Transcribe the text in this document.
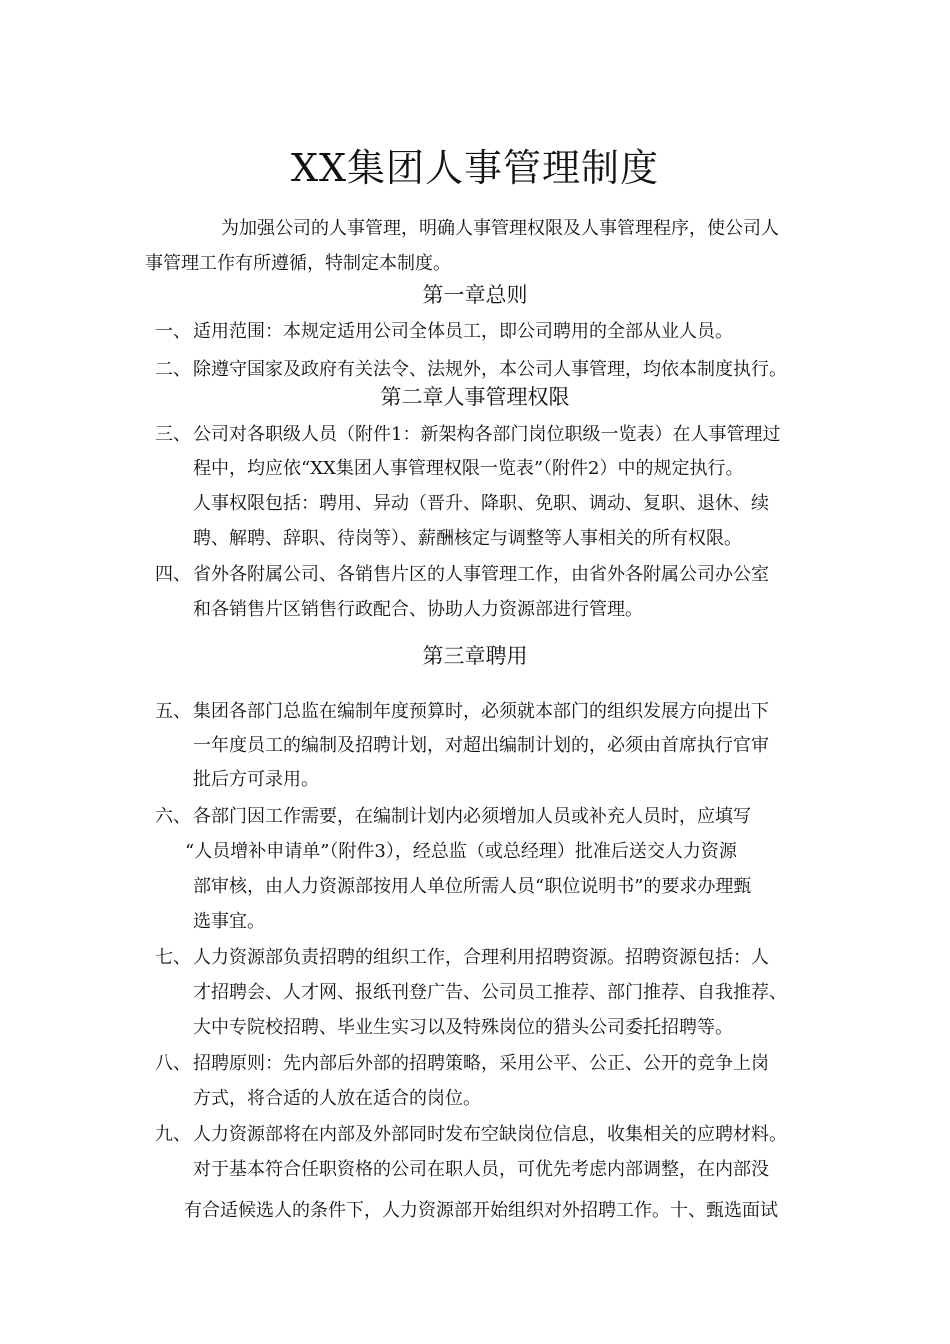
XX集团人事管理制度
为加强公司的人事管理，明确人事管理权限及人事管理程序，使公司人
事管理工作有所遵循，特制定本制度。
第一章总则
一、 适用范围：本规定适用公司全体员工，即公司聘用的全部从业人员。
二、 除遵守国家及政府有关法令、法规外，本公司人事管理，均依本制度执行。
第二章人事管理权限
三、 公司对各职级人员（附件1：新架构各部门岗位职级一览表）在人事管理过
程中，均应依“XX集团人事管理权限一览表”（附件2）中的规定执行。
人事权限包括：聘用、异动（晋升、降职、免职、调动、复职、退休、续
聘、解聘、辞职、待岗等）、薪酬核定与调整等人事相关的所有权限。
四、 省外各附属公司、各销售片区的人事管理工作，由省外各附属公司办公室
和各销售片区销售行政配合、协助人力资源部进行管理。
第三章聘用
五、 集团各部门总监在编制年度预算时，必须就本部门的组织发展方向提出下
一年度员工的编制及招聘计划，对超出编制计划的，必须由首席执行官审
批后方可录用。
六、 各部门因工作需要，在编制计划内必须增加人员或补充人员时，应填写
“人员增补申请单”（附件3），经总监（或总经理）批准后送交人力资源
部审核，由人力资源部按用人单位所需人员“职位说明书”的要求办理甄
选事宜。
七、 人力资源部负责招聘的组织工作，合理利用招聘资源。招聘资源包括：人
才招聘会、人才网、报纸刊登广告、公司员工推荐、部门推荐、自我推荐、
大中专院校招聘、毕业生实习以及特殊岗位的猎头公司委托招聘等。
八、 招聘原则：先内部后外部的招聘策略，采用公平、公正、公开的竞争上岗
方式，将合适的人放在适合的岗位。
九、 人力资源部将在内部及外部同时发布空缺岗位信息，收集相关的应聘材料。
对于基本符合任职资格的公司在职人员，可优先考虑内部调整，在内部没
有合适候选人的条件下，人力资源部开始组织对外招聘工作。十、甄选面试
